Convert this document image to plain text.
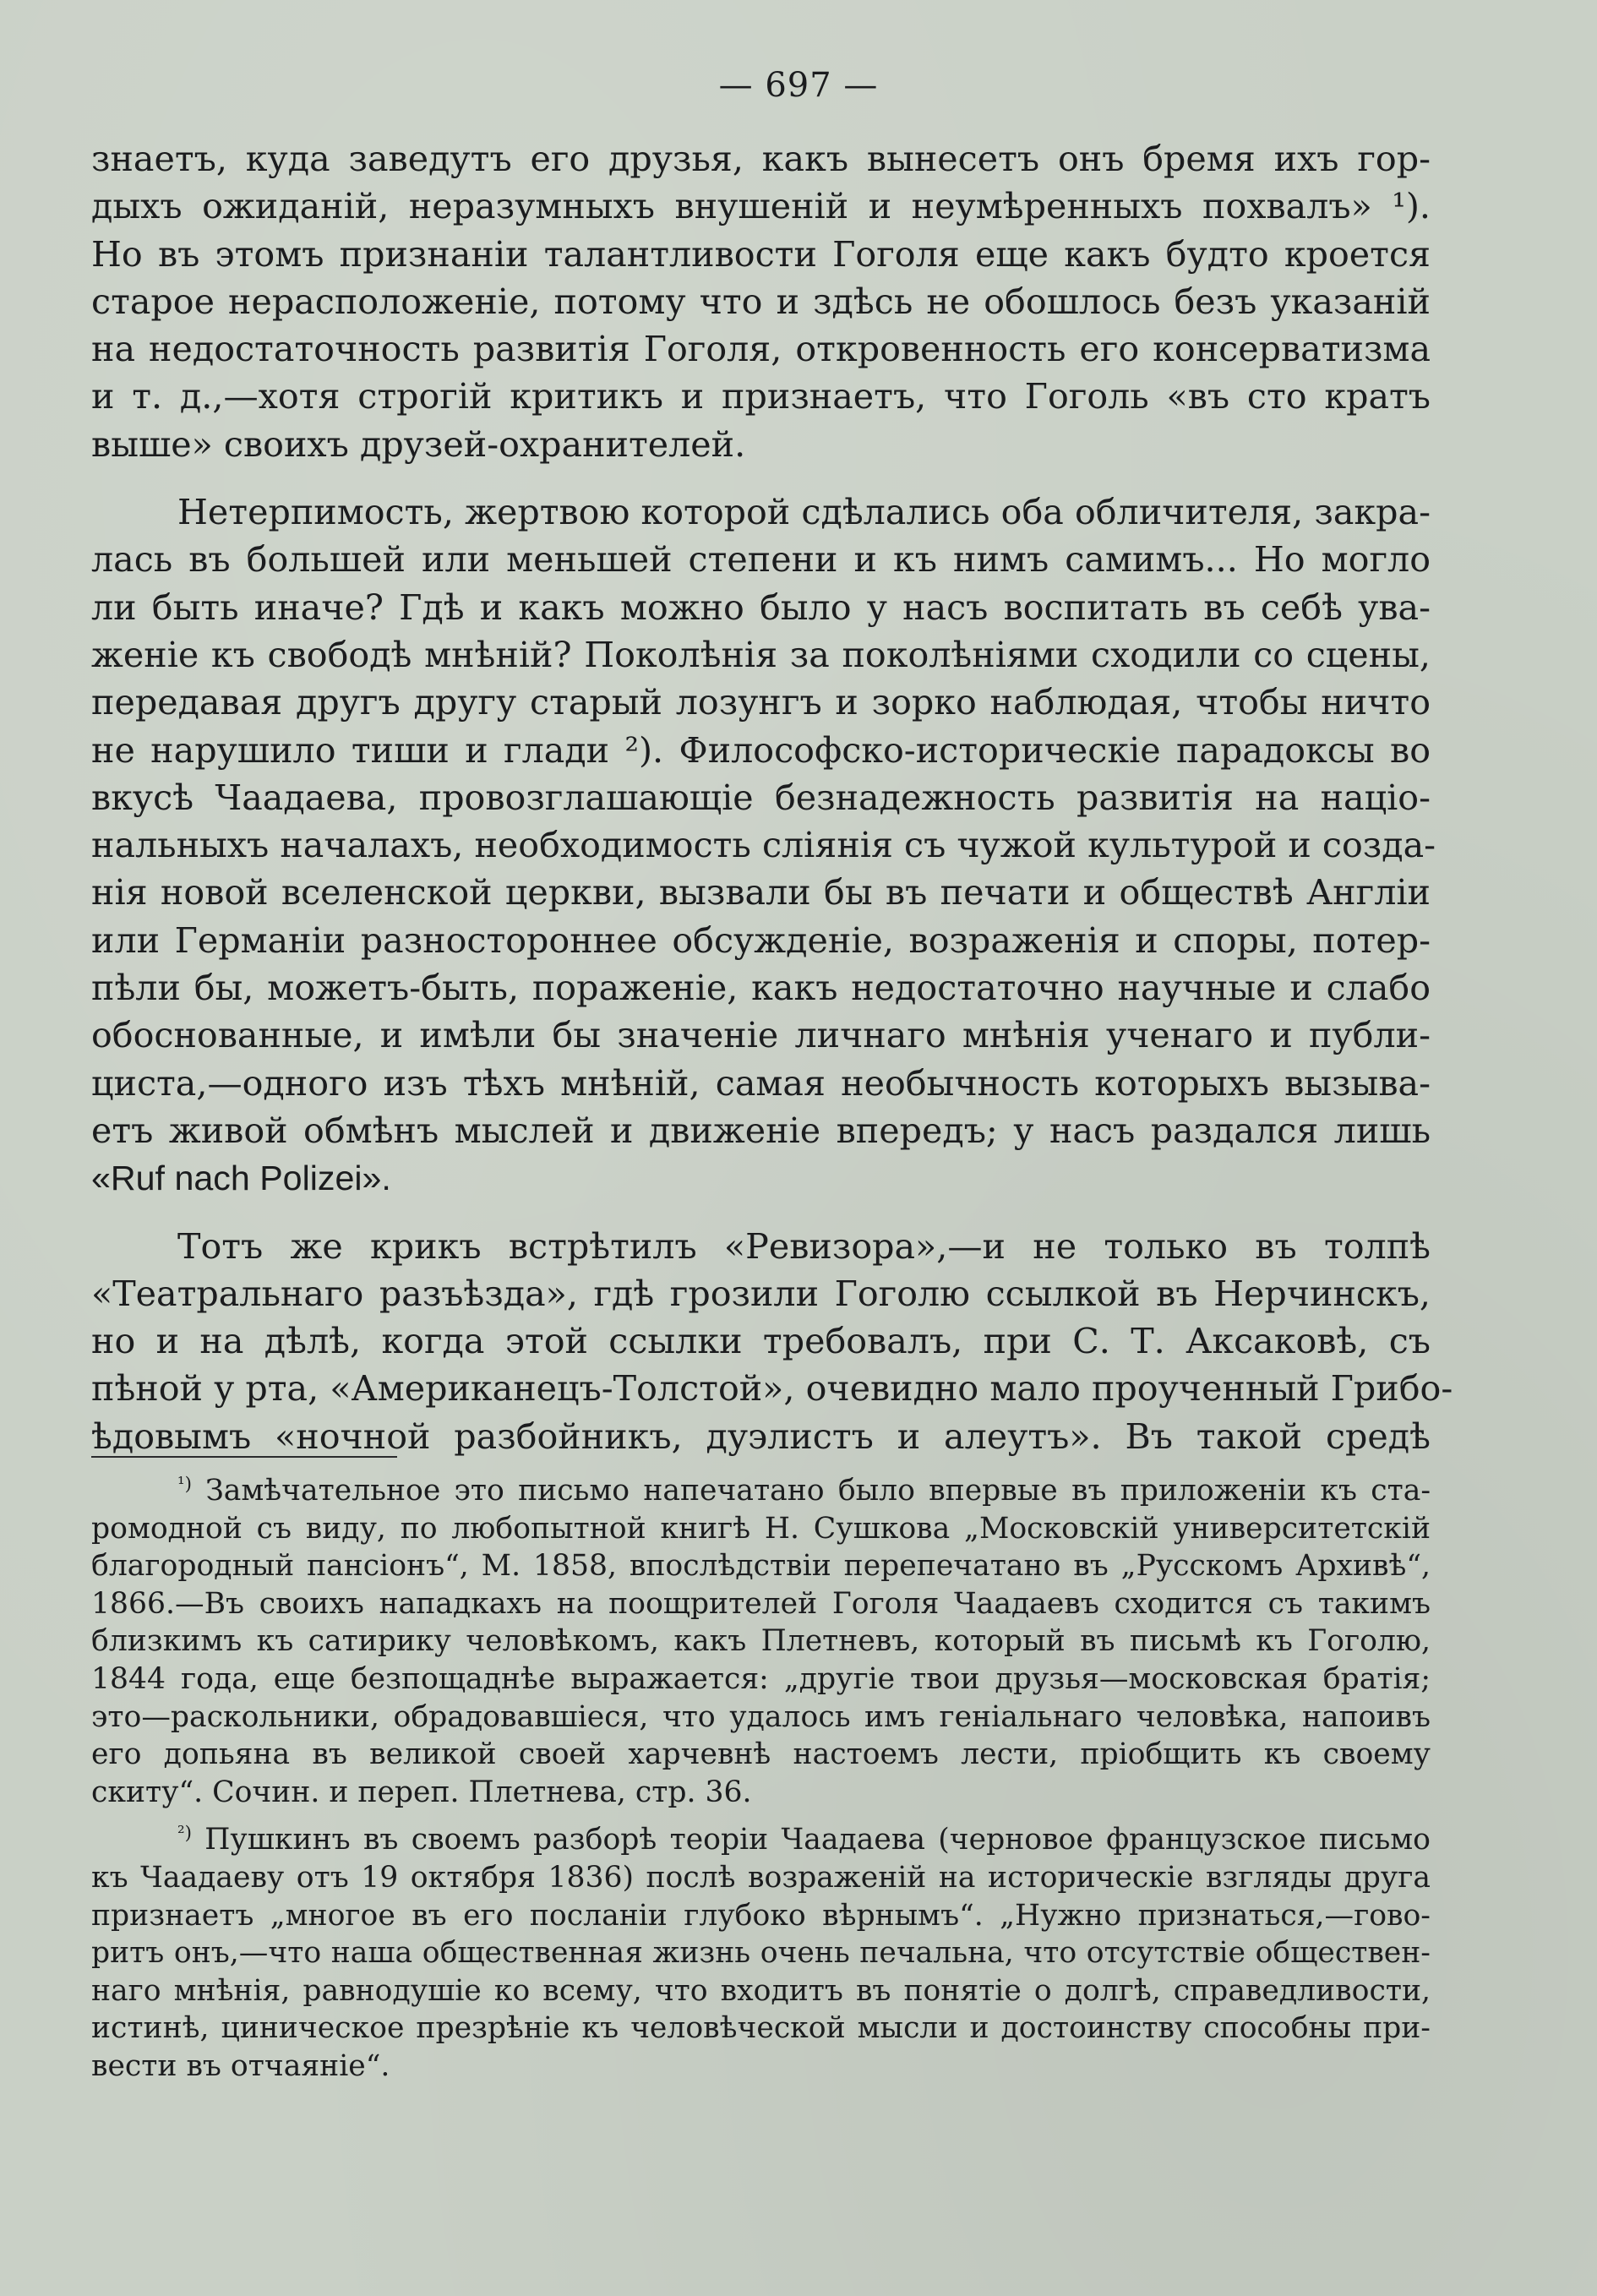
— 697 —
знаетъ, куда заведутъ его друзья, какъ вынесетъ онъ бремя ихъ гор-
дыхъ ожиданій, неразумныхъ внушеній и неумѣренныхъ похвалъ» ¹).
Но въ этомъ признаніи талантливости Гоголя еще какъ будто кроется
старое нерасположеніе, потому что и здѣсь не обошлось безъ указаній
на недостаточность развитія Гоголя, откровенность его консерватизма
и т. д.,—хотя строгій критикъ и признаетъ, что Гоголь «въ сто кратъ
выше» своихъ друзей-охранителей.
Нетерпимость, жертвою которой сдѣлались оба обличителя, закра-
лась въ большей или меньшей степени и къ нимъ самимъ... Но могло
ли быть иначе? Гдѣ и какъ можно было у насъ воспитать въ себѣ ува-
женіе къ свободѣ мнѣній? Поколѣнія за поколѣніями сходили со сцены,
передавая другъ другу старый лозунгъ и зорко наблюдая, чтобы ничто
не нарушило тиши и глади ²). Философско-историческіе парадоксы во
вкусѣ Чаадаева, провозглашающіе безнадежность развитія на націо-
нальныхъ началахъ, необходимость сліянія съ чужой культурой и созда-
нія новой вселенской церкви, вызвали бы въ печати и обществѣ Англіи
или Германіи разностороннее обсужденіе, возраженія и споры, потер-
пѣли бы, можетъ-быть, пораженіе, какъ недостаточно научные и слабо
обоснованные, и имѣли бы значеніе личнаго мнѣнія ученаго и публи-
циста,—одного изъ тѣхъ мнѣній, самая необычность которыхъ вызыва-
етъ живой обмѣнъ мыслей и движеніе впередъ; у насъ раздался лишь
«Ruf nach Polizei».
Тотъ же крикъ встрѣтилъ «Ревизора»,—и не только въ толпѣ
«Театральнаго разъѣзда», гдѣ грозили Гоголю ссылкой въ Нерчинскъ,
но и на дѣлѣ, когда этой ссылки требовалъ, при С. Т. Аксаковѣ, съ
пѣной у рта, «Американецъ-Толстой», очевидно мало проученный Грибо-
ѣдовымъ «ночной разбойникъ, дуэлистъ и алеутъ». Въ такой средѣ
$^{^1)}$ Замѣчательное это письмо напечатано было впервые въ приложеніи къ ста-
ромодной съ виду, по любопытной книгѣ Н. Сушкова „Московскій университетскій
благородный пансіонъ“, М. 1858, впослѣдствіи перепечатано въ „Русскомъ Архивѣ“,
1866.—Въ своихъ нападкахъ на поощрителей Гоголя Чаадаевъ сходится съ такимъ
близкимъ къ сатирику человѣкомъ, какъ Плетневъ, который въ письмѣ къ Гоголю,
1844 года, еще безпощаднѣе выражается: „другіе твои друзья—московская братія;
это—раскольники, обрадовавшіеся, что удалось имъ геніальнаго человѣка, напоивъ
его допьяна въ великой своей харчевнѣ настоемъ лести, пріобщить къ своему
скиту“. Сочин. и переп. Плетнева, стр. 36.
$^{^2)}$ Пушкинъ въ своемъ разборѣ теоріи Чаадаева (черновое французское письмо
къ Чаадаеву отъ 19 октября 1836) послѣ возраженій на историческіе взгляды друга
признаетъ „многое въ его посланіи глубоко вѣрнымъ“. „Нужно признаться,—гово-
ритъ онъ,—что наша общественная жизнь очень печальна, что отсутствіе обществен-
наго мнѣнія, равнодушіе ко всему, что входитъ въ понятіе о долгѣ, справедливости,
истинѣ, циническое презрѣніе къ человѣческой мысли и достоинству способны при-
вести въ отчаяніе“.
